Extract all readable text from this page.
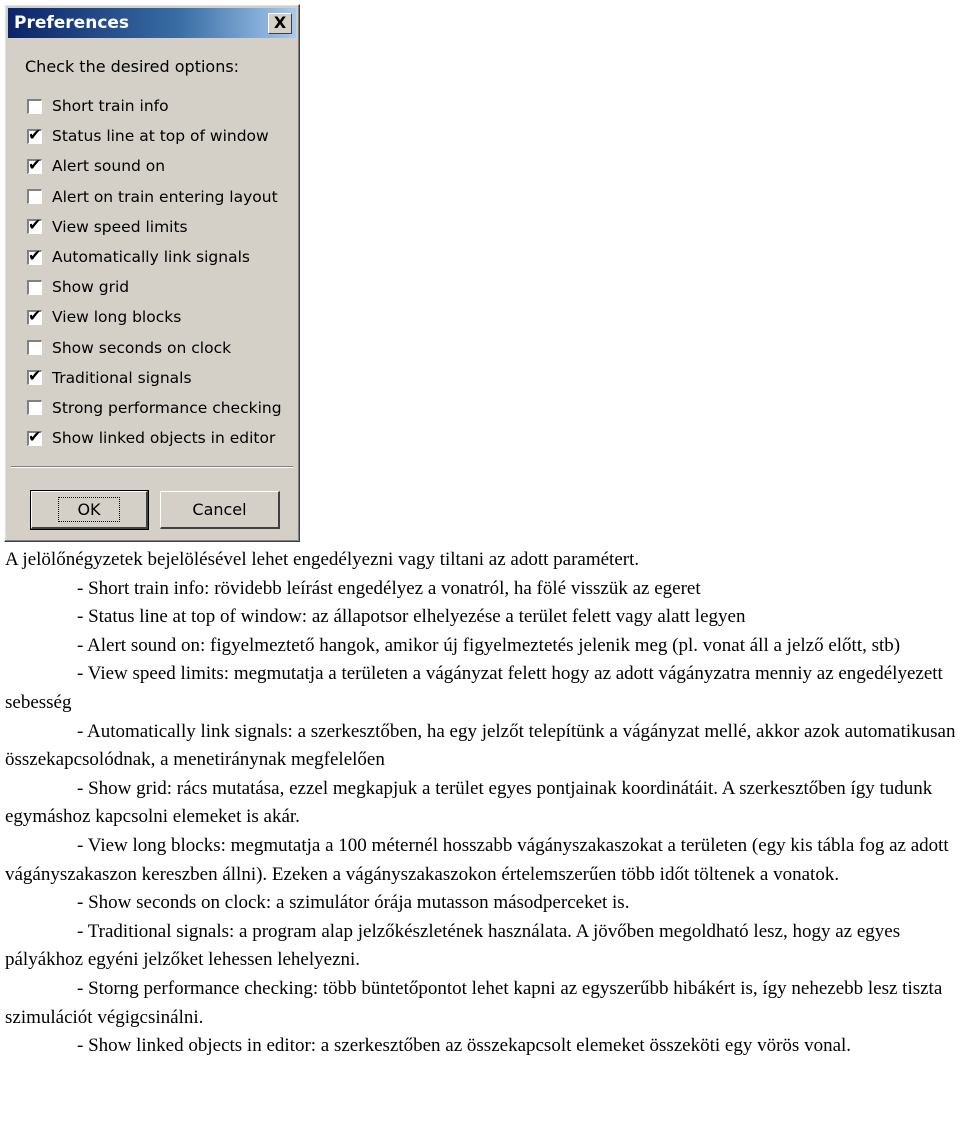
Preferences	X
Check the desired options:
Short train info
✔ Status line at top of window
✔ Alert sound on
Alert on train entering layout
✔ View speed limits
✔ Automatically link signals
Show grid
✔ View long blocks
Show seconds on clock
✔ Traditional signals
Strong performance checking
✔ Show linked objects in editor
OK	Cancel

A jelölőnégyzetek bejelölésével lehet engedélyezni vagy tiltani az adott paramétert.

- Short train info: rövidebb leírást engedélyez a vonatról, ha fölé visszük az egeret

- Status line at top of window: az állapotsor elhelyezése a terület felett vagy alatt legyen

- Alert sound on: figyelmeztető hangok, amikor új figyelmeztetés jelenik meg (pl. vonat áll a jelző előtt, stb)

- View speed limits: megmutatja a területen a vágányzat felett hogy az adott vágányzatra menniy az engedélyezett sebesség

- Automatically link signals: a szerkesztőben, ha egy jelzőt telepítünk a vágányzat mellé, akkor azok automatikusan összekapcsolódnak, a menetiránynak megfelelően

- Show grid: rács mutatása, ezzel megkapjuk a terület egyes pontjainak koordinátáit. A szerkesztőben így tudunk egymáshoz kapcsolni elemeket is akár.

- View long blocks: megmutatja a 100 méternél hosszabb vágányszakaszokat a területen (egy kis tábla fog az adott vágányszakaszon kereszben állni). Ezeken a vágányszakaszokon értelemszerűen több időt töltenek a vonatok.

- Show seconds on clock: a szimulátor órája mutasson másodperceket is.

- Traditional signals: a program alap jelzőkészletének használata. A jövőben megoldható lesz, hogy az egyes pályákhoz egyéni jelzőket lehessen lehelyezni.

- Storng performance checking: több büntetőpontot lehet kapni az egyszerűbb hibákért is, így nehezebb lesz tiszta szimulációt végigcsinálni.

- Show linked objects in editor: a szerkesztőben az összekapcsolt elemeket összeköti egy vörös vonal.
